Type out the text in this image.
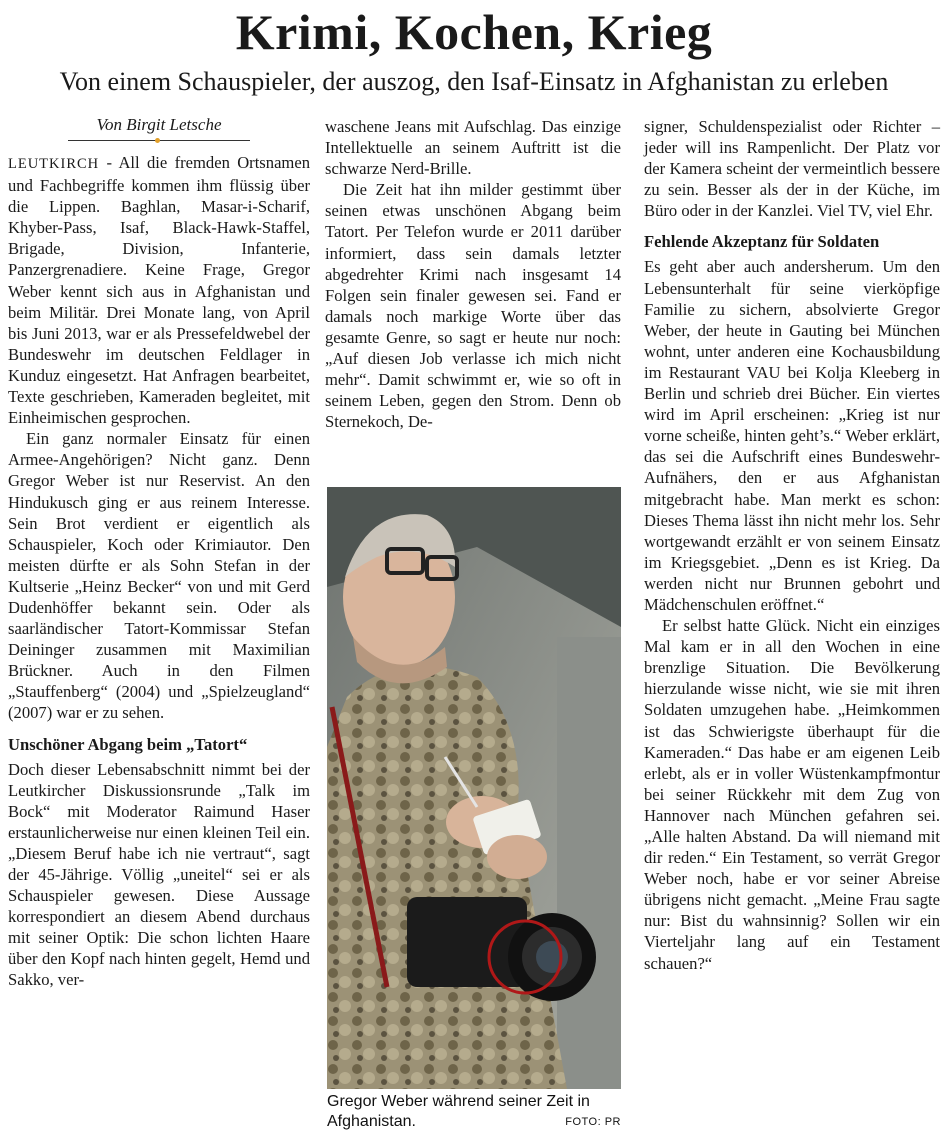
Krimi, Kochen, Krieg
Von einem Schauspieler, der auszog, den Isaf-Einsatz in Afghanistan zu erleben
Von Birgit Letsche

LEUTKIRCH - All die fremden Ortsnamen und Fachbegriffe kommen ihm flüssig über die Lippen. Baghlan, Masar-i-Scharif, Khyber-Pass, Isaf, Black-Hawk-Staffel, Brigade, Division, Infanterie, Panzergrenadiere. Keine Frage, Gregor Weber kennt sich aus in Afghanistan und beim Militär. Drei Monate lang, von April bis Juni 2013, war er als Pressefeldwebel der Bundeswehr im deutschen Feldlager in Kunduz eingesetzt. Hat Anfragen bearbeitet, Texte geschrieben, Kameraden begleitet, mit Einheimischen gesprochen.

Ein ganz normaler Einsatz für einen Armee-Angehörigen? Nicht ganz. Denn Gregor Weber ist nur Reservist. An den Hindukusch ging er aus reinem Interesse. Sein Brot verdient er eigentlich als Schauspieler, Koch oder Krimiautor. Den meisten dürfte er als Sohn Stefan in der Kultserie „Heinz Becker“ von und mit Gerd Dudenhöffer bekannt sein. Oder als saarländischer Tatort-Kommissar Stefan Deininger zusammen mit Maximilian Brückner. Auch in den Filmen „Stauffenberg“ (2004) und „Spielzeugland“ (2007) war er zu sehen.

Unschöner Abgang beim „Tatort“

Doch dieser Lebensabschnitt nimmt bei der Leutkircher Diskussionsrunde „Talk im Bock“ mit Moderator Raimund Haser erstaunlicherweise nur einen kleinen Teil ein. „Diesem Beruf habe ich nie vertraut“, sagt der 45-Jährige. Völlig „uneitel“ sei er als Schauspieler gewesen. Diese Aussage korrespondiert an diesem Abend durchaus mit seiner Optik: Die schon lichten Haare über den Kopf nach hinten gegelt, Hemd und Sakko, ver-

waschene Jeans mit Aufschlag. Das einzige Intellektuelle an seinem Auftritt ist die schwarze Nerd-Brille.

Die Zeit hat ihn milder gestimmt über seinen etwas unschönen Abgang beim Tatort. Per Telefon wurde er 2011 darüber informiert, dass sein damals letzter abgedrehter Krimi nach insgesamt 14 Folgen sein finaler gewesen sei. Fand er damals noch markige Worte über das gesamte Genre, so sagt er heute nur noch: „Auf diesen Job verlasse ich mich nicht mehr“. Damit schwimmt er, wie so oft in seinem Leben, gegen den Strom. Denn ob Sternekoch, De-

Gregor Weber während seiner Zeit in Afghanistan.	FOTO: PR

signer, Schuldenspezialist oder Richter – jeder will ins Rampenlicht. Der Platz vor der Kamera scheint der vermeintlich bessere zu sein. Besser als der in der Küche, im Büro oder in der Kanzlei. Viel TV, viel Ehr.

Fehlende Akzeptanz für Soldaten

Es geht aber auch andersherum. Um den Lebensunterhalt für seine vierköpfige Familie zu sichern, absolvierte Gregor Weber, der heute in Gauting bei München wohnt, unter anderen eine Kochausbildung im Restaurant VAU bei Kolja Kleeberg in Berlin und schrieb drei Bücher. Ein viertes wird im April erscheinen: „Krieg ist nur vorne scheiße, hinten geht’s.“ Weber erklärt, das sei die Aufschrift eines Bundeswehr-Aufnähers, den er aus Afghanistan mitgebracht habe. Man merkt es schon: Dieses Thema lässt ihn nicht mehr los. Sehr wortgewandt erzählt er von seinem Einsatz im Kriegsgebiet. „Denn es ist Krieg. Da werden nicht nur Brunnen gebohrt und Mädchenschulen eröffnet.“

Er selbst hatte Glück. Nicht ein einziges Mal kam er in all den Wochen in eine brenzlige Situation. Die Bevölkerung hierzulande wisse nicht, wie sie mit ihren Soldaten umzugehen habe. „Heimkommen ist das Schwierigste überhaupt für die Kameraden.“ Das habe er am eigenen Leib erlebt, als er in voller Wüstenkampfmontur bei seiner Rückkehr mit dem Zug von Hannover nach München gefahren sei. „Alle halten Abstand. Da will niemand mit dir reden.“ Ein Testament, so verrät Gregor Weber noch, habe er vor seiner Abreise übrigens nicht gemacht. „Meine Frau sagte nur: Bist du wahnsinnig? Sollen wir ein Vierteljahr lang auf ein Testament schauen?“
